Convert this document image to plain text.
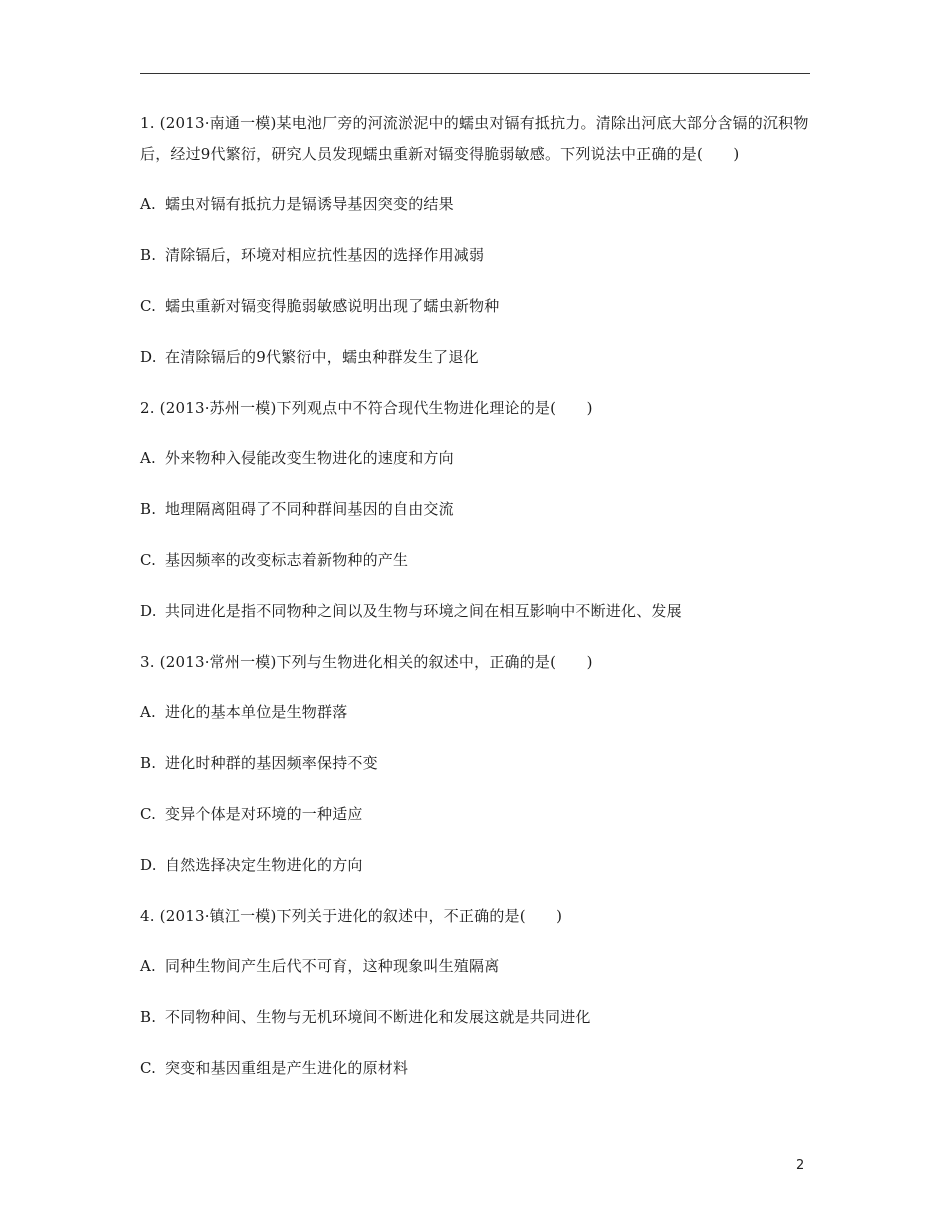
1. (2013·南通一模)某电池厂旁的河流淤泥中的蠕虫对镉有抵抗力。清除出河底大部分含镉的沉积物后，经过9代繁衍，研究人员发现蠕虫重新对镉变得脆弱敏感。下列说法中正确的是(　　)

A. 蠕虫对镉有抵抗力是镉诱导基因突变的结果

B. 清除镉后，环境对相应抗性基因的选择作用减弱

C. 蠕虫重新对镉变得脆弱敏感说明出现了蠕虫新物种

D. 在清除镉后的9代繁衍中，蠕虫种群发生了退化

2. (2013·苏州一模)下列观点中不符合现代生物进化理论的是(　　)

A. 外来物种入侵能改变生物进化的速度和方向

B. 地理隔离阻碍了不同种群间基因的自由交流

C. 基因频率的改变标志着新物种的产生

D. 共同进化是指不同物种之间以及生物与环境之间在相互影响中不断进化、发展

3. (2013·常州一模)下列与生物进化相关的叙述中，正确的是(　　)

A. 进化的基本单位是生物群落

B. 进化时种群的基因频率保持不变

C. 变异个体是对环境的一种适应

D. 自然选择决定生物进化的方向

4. (2013·镇江一模)下列关于进化的叙述中，不正确的是(　　)

A. 同种生物间产生后代不可育，这种现象叫生殖隔离

B. 不同物种间、生物与无机环境间不断进化和发展这就是共同进化

C. 突变和基因重组是产生进化的原材料

2
